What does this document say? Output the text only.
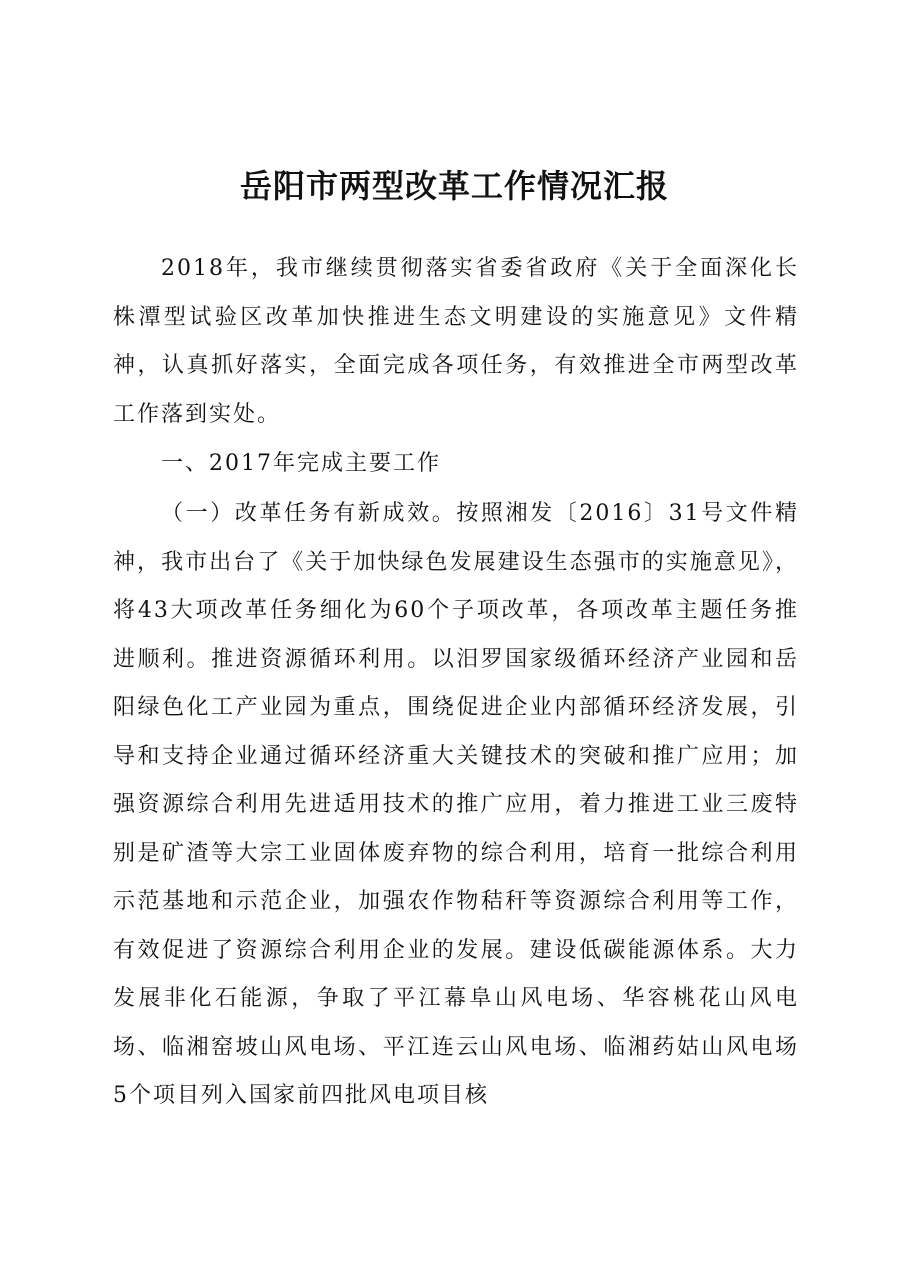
岳阳市两型改革工作情况汇报

2018年，我市继续贯彻落实省委省政府《关于全面深化长株潭型试验区改革加快推进生态文明建设的实施意见》文件精神，认真抓好落实，全面完成各项任务，有效推进全市两型改革工作落到实处。

一、2017年完成主要工作

（一）改革任务有新成效。按照湘发〔2016〕31号文件精神，我市出台了《关于加快绿色发展建设生态强市的实施意见》，将43大项改革任务细化为60个子项改革，各项改革主题任务推进顺利。推进资源循环利用。以汨罗国家级循环经济产业园和岳阳绿色化工产业园为重点，围绕促进企业内部循环经济发展，引导和支持企业通过循环经济重大关键技术的突破和推广应用；加强资源综合利用先进适用技术的推广应用，着力推进工业三废特别是矿渣等大宗工业固体废弃物的综合利用，培育一批综合利用示范基地和示范企业，加强农作物秸秆等资源综合利用等工作，有效促进了资源综合利用企业的发展。建设低碳能源体系。大力发展非化石能源，争取了平江幕阜山风电场、华容桃花山风电场、临湘窑坡山风电场、平江连云山风电场、临湘药姑山风电场5个项目列入国家前四批风电项目核
